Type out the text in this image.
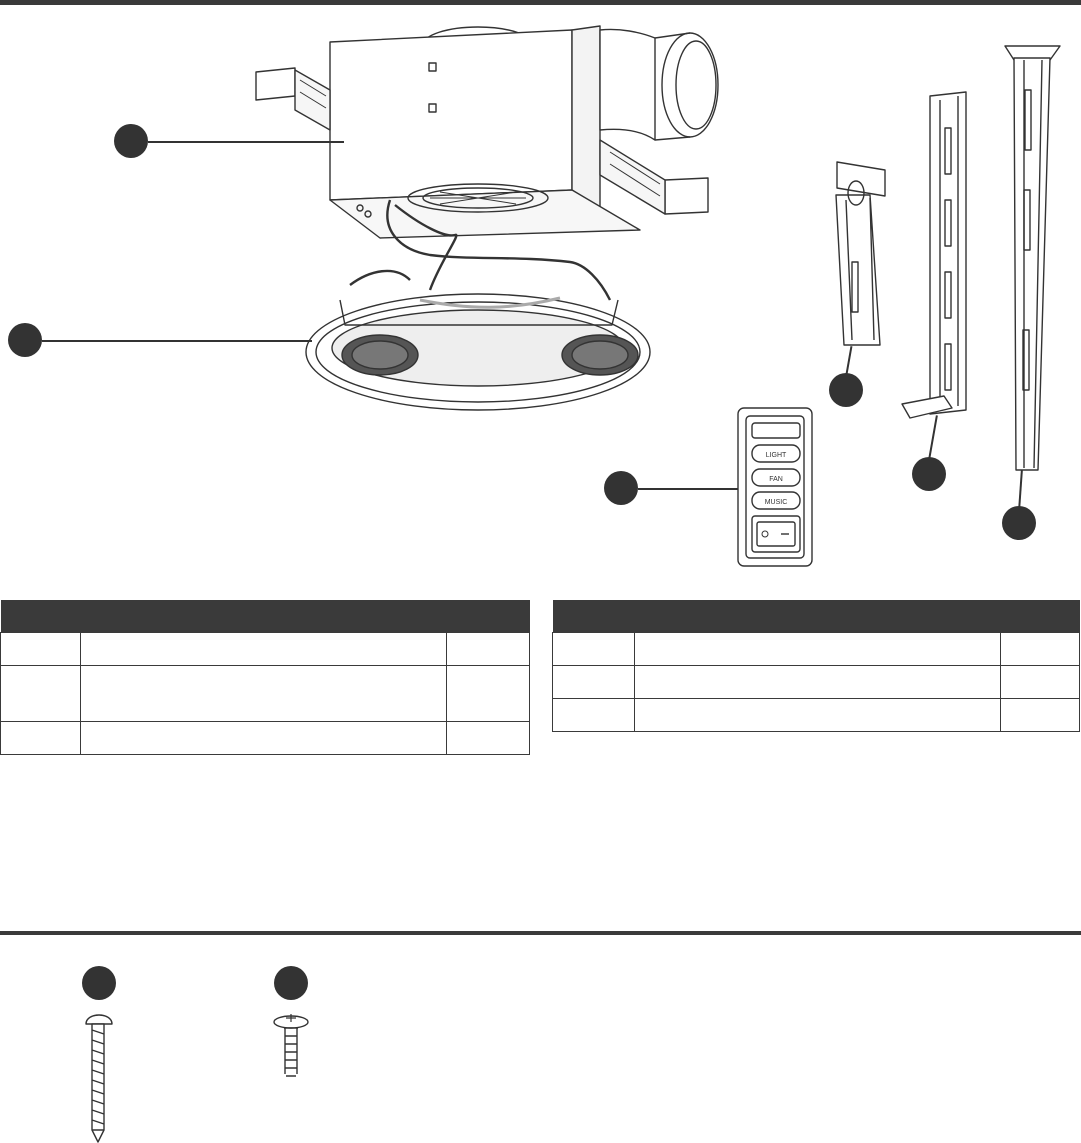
LIGHT
FAN
MUSIC
